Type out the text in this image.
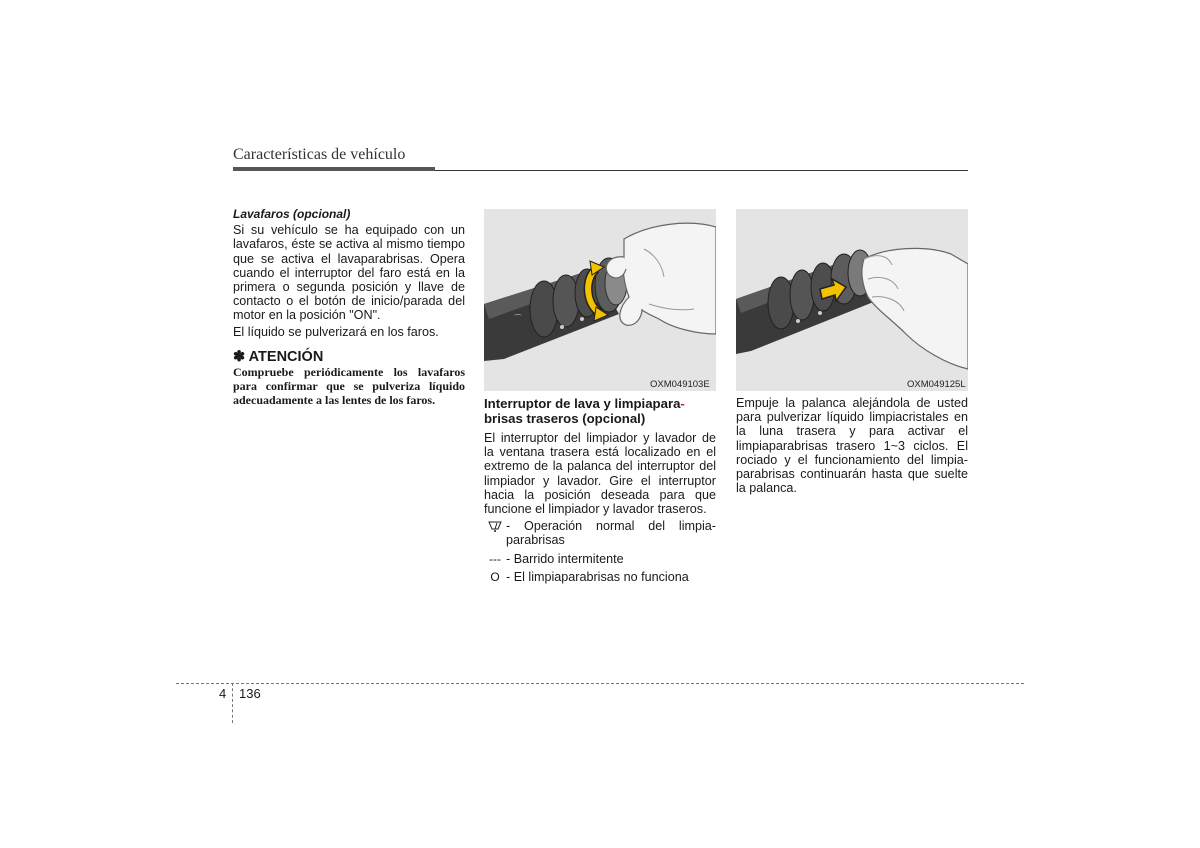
Características de vehículo
Lavafaros (opcional)

Si su vehículo se ha equipado con un lavafaros, éste se activa al mismo tiempo que se activa el lavaparabrisas. Opera cuando el interruptor del faro está en la primera o segunda posición y llave de contacto o el botón de inicio/parada del motor en la posición "ON".

El líquido se pulverizará en los faros.

✽ ATENCIÓN
Compruebe periódicamente los lavafaros para confirmar que se pulveriza líquido adecuadamente a las lentes de los faros.
⌒
OXM049103E	OXM049125L
Interruptor de lava y limpiapara-
brisas traseros (opcional)

El interruptor del limpiador y lavador de la ventana trasera está localizado en el extremo de la palanca del interruptor del limpiador y lavador. Gire el interruptor hacia la posición deseada para que funcione el limpiador y lavador traseros.

- Operación normal del limpia-parabrisas
--- - Barrido intermitente
O - El limpiaparabrisas no funciona

Empuje la palanca alejándola de usted para pulverizar líquido limpiacristales en la luna trasera y para activar el limpiaparabrisas trasero 1~3 ciclos. El rociado y el funcionamiento del limpia-parabrisas continuarán hasta que suelte la palanca.

4 136
